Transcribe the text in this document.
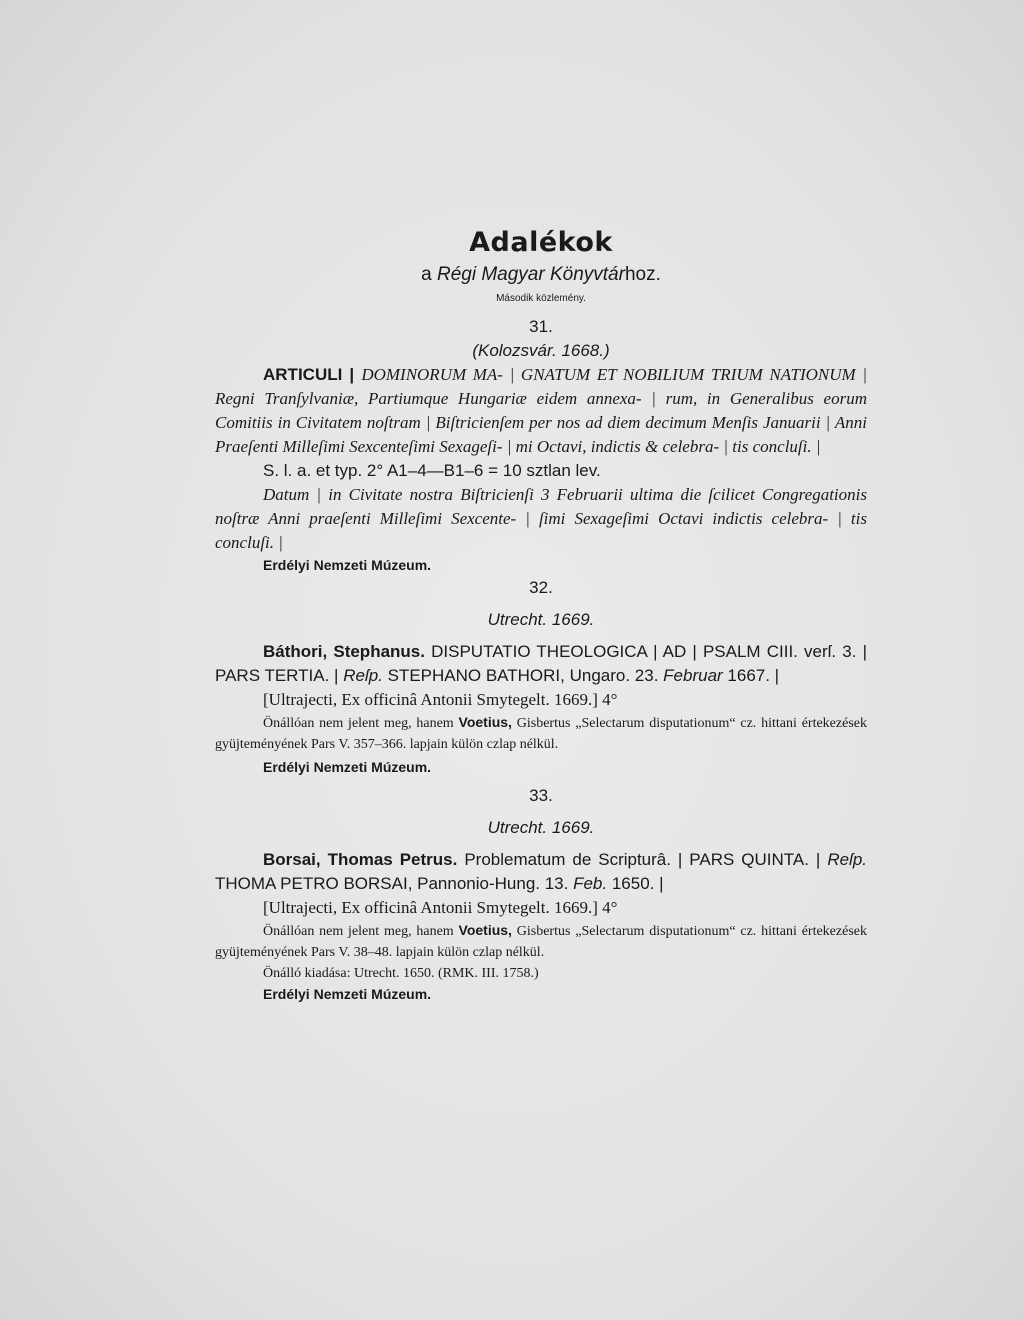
Adalékok

a Régi Magyar Könyvtárhoz.

Második közlemény.

31.

(Kolozsvár. 1668.)

ARTICULI | DOMINORUM MA- | GNATUM ET NOBILIUM TRIUM NATIONUM | Regni Tranſylvaniæ, Partiumque Hungariæ eidem annexa- | rum, in Generalibus eorum Comitiis in Civitatem noſtram | Biſtricienſem per nos ad diem decimum Menſis Januarii | Anni Praeſenti Milleſimi Sexcenteſimi Sexageſi- | mi Octavi, indictis & celebra- | tis concluſi. |

S. l. a. et typ. 2° A1–4—B1–6 = 10 sztlan lev.

Datum | in Civitate nostra Biſtricienſi 3 Februarii ultima die ſcilicet Congregationis noſtræ Anni praeſenti Milleſimi Sexcente- | ſimi Sexageſimi Octavi indictis celebra- | tis concluſi. |

Erdélyi Nemzeti Múzeum.

32.

Utrecht. 1669.

Báthori, Stephanus. DISPUTATIO THEOLOGICA | AD | PSALM CIII. verſ. 3. | PARS TERTIA. | Reſp. STEPHANO BATHORI, Ungaro. 23. Februar 1667. |

[Ultrajecti, Ex officinâ Antonii Smytegelt. 1669.] 4°

Önállóan nem jelent meg, hanem Voetius, Gisbertus „Selectarum disputationum“ cz. hittani értekezések gyüjteményének Pars V. 357–366. lapjain külön czlap nélkül.

Erdélyi Nemzeti Múzeum.

33.

Utrecht. 1669.

Borsai, Thomas Petrus. Problematum de Scripturâ. | PARS QUINTA. | Reſp. THOMA PETRO BORSAI, Pannonio-Hung. 13. Feb. 1650. |

[Ultrajecti, Ex officinâ Antonii Smytegelt. 1669.] 4°

Önállóan nem jelent meg, hanem Voetius, Gisbertus „Selectarum disputationum“ cz. hittani értekezések gyüjteményének Pars V. 38–48. lapjain külön czlap nélkül.

Önálló kiadása: Utrecht. 1650. (RMK. III. 1758.)

Erdélyi Nemzeti Múzeum.
